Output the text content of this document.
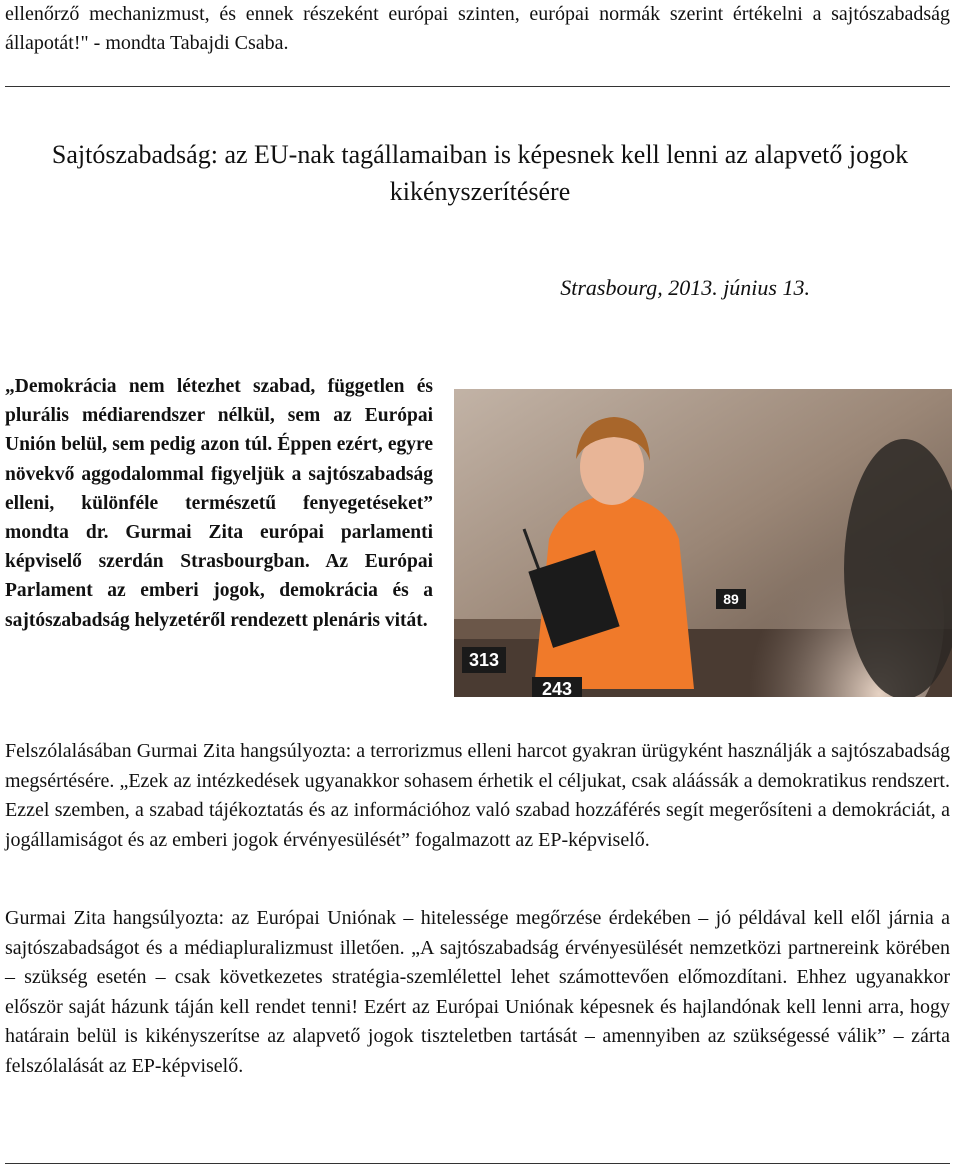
ellenőrző mechanizmust, és ennek részeként európai szinten, európai normák szerint értékelni a sajtószabadság állapotát!" - mondta Tabajdi Csaba.

Sajtószabadság: az EU-nak tagállamaiban is képesnek kell lenni az alapvető jogok kikényszerítésére

Strasbourg, 2013. június 13.

„Demokrácia nem létezhet szabad, független és plurális médiarendszer nélkül, sem az Európai Unión belül, sem pedig azon túl. Éppen ezért, egyre növekvő aggodalommal figyeljük a sajtószabadság elleni, különféle természetű fenyegetéseket” mondta dr. Gurmai Zita európai parlamenti képviselő szerdán Strasbourgban. Az Európai Parlament az emberi jogok, demokrácia és a sajtószabadság helyzetéről rendezett plenáris vitát.

313
243
89

Felszólalásában Gurmai Zita hangsúlyozta: a terrorizmus elleni harcot gyakran ürügyként használják a sajtószabadság megsértésére. „Ezek az intézkedések ugyanakkor sohasem érhetik el céljukat, csak aláássák a demokratikus rendszert. Ezzel szemben, a szabad tájékoztatás és az információhoz való szabad hozzáférés segít megerősíteni a demokráciát, a jogállamiságot és az emberi jogok érvényesülését” fogalmazott az EP-képviselő.

Gurmai Zita hangsúlyozta: az Európai Uniónak – hitelessége megőrzése érdekében – jó példával kell elől járnia a sajtószabadságot és a médiapluralizmust illetően. „A sajtószabadság érvényesülését nemzetközi partnereink körében – szükség esetén – csak következetes stratégia-szemlélettel lehet számottevően előmozdítani. Ehhez ugyanakkor először saját házunk táján kell rendet tenni! Ezért az Európai Uniónak képesnek és hajlandónak kell lenni arra, hogy határain belül is kikényszerítse az alapvető jogok tiszteletben tartását – amennyiben az szükségessé válik” – zárta felszólalását az EP-képviselő.
